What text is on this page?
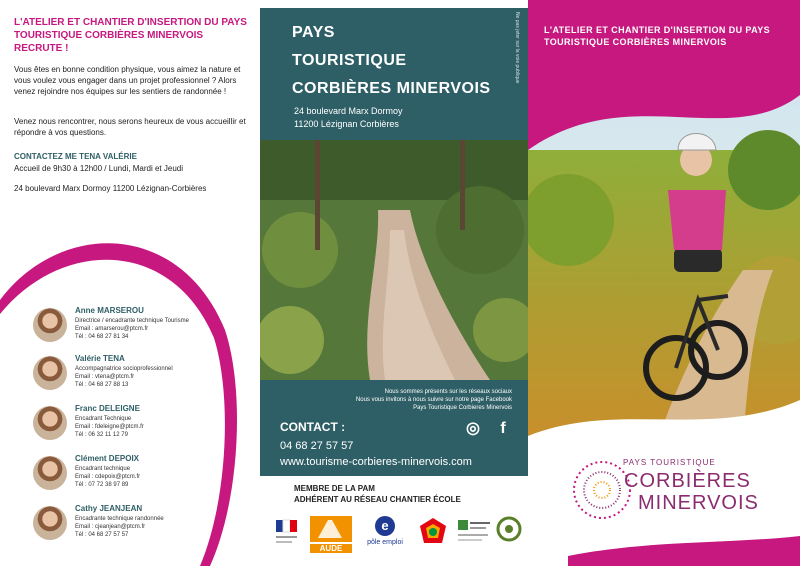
L'ATELIER ET CHANTIER D'INSERTION DU PAYS TOURISTIQUE CORBIÈRES MINERVOIS RECRUTE !
Vous êtes en bonne condition physique, vous aimez la nature et vous voulez vous engager dans un projet professionnel ? Alors venez rejoindre nos équipes sur les sentiers de randonnée !
Venez nous rencontrer, nous serons heureux de vous accueillir et répondre à vos questions.
CONTACTEZ ME TENA VALÉRIE
Accueil de 9h30 à 12h00 / Lundi, Mardi et Jeudi
24 boulevard Marx Dormoy 11200 Lézignan-Corbières
Anne MARSEROU
Directrice / encadrante technique Tourisme
Email : amarserou@ptcm.fr
Tél : 04 68 27 81 34
Valérie TENA
Accompagnatrice socioprofessionnel
Email : vtena@ptcm.fr
Tél : 04 68 27 88 13
Franc DELEIGNE
Encadrant Technique
Email : fdeleigne@ptcm.fr
Tél : 06 32 11 12 79
Clément DEPOIX
Encadrant technique
Email : cdepoix@ptcm.fr
Tél : 07 72 38 97 89
Cathy JEANJEAN
Encadrante technique randonnée
Email : cjeanjean@ptcm.fr
Tél : 04 68 27 57 57
PAYS
TOURISTIQUE
CORBIÈRES MINERVOIS
24 boulevard Marx Dormoy
11200 Lézignan Corbières
Ne pas jeter sur la voie publique
Nous sommes présents sur les réseaux sociaux
Nous vous invitons à nous suivre sur notre page Facebook
Pays Touristique Corbieres Minervois
CONTACT :
04 68 27 57 57
www.tourisme-corbieres-minervois.com
◎	f
MEMBRE DE LA PAM
ADHÉRENT AU RÉSEAU CHANTIER ÉCOLE
AUDE
e
pôle emploi
L'ATELIER ET CHANTIER D'INSERTION DU PAYS TOURISTIQUE CORBIÈRES MINERVOIS
PAYS TOURISTIQUE
CORBIÈRES
MINERVOIS
